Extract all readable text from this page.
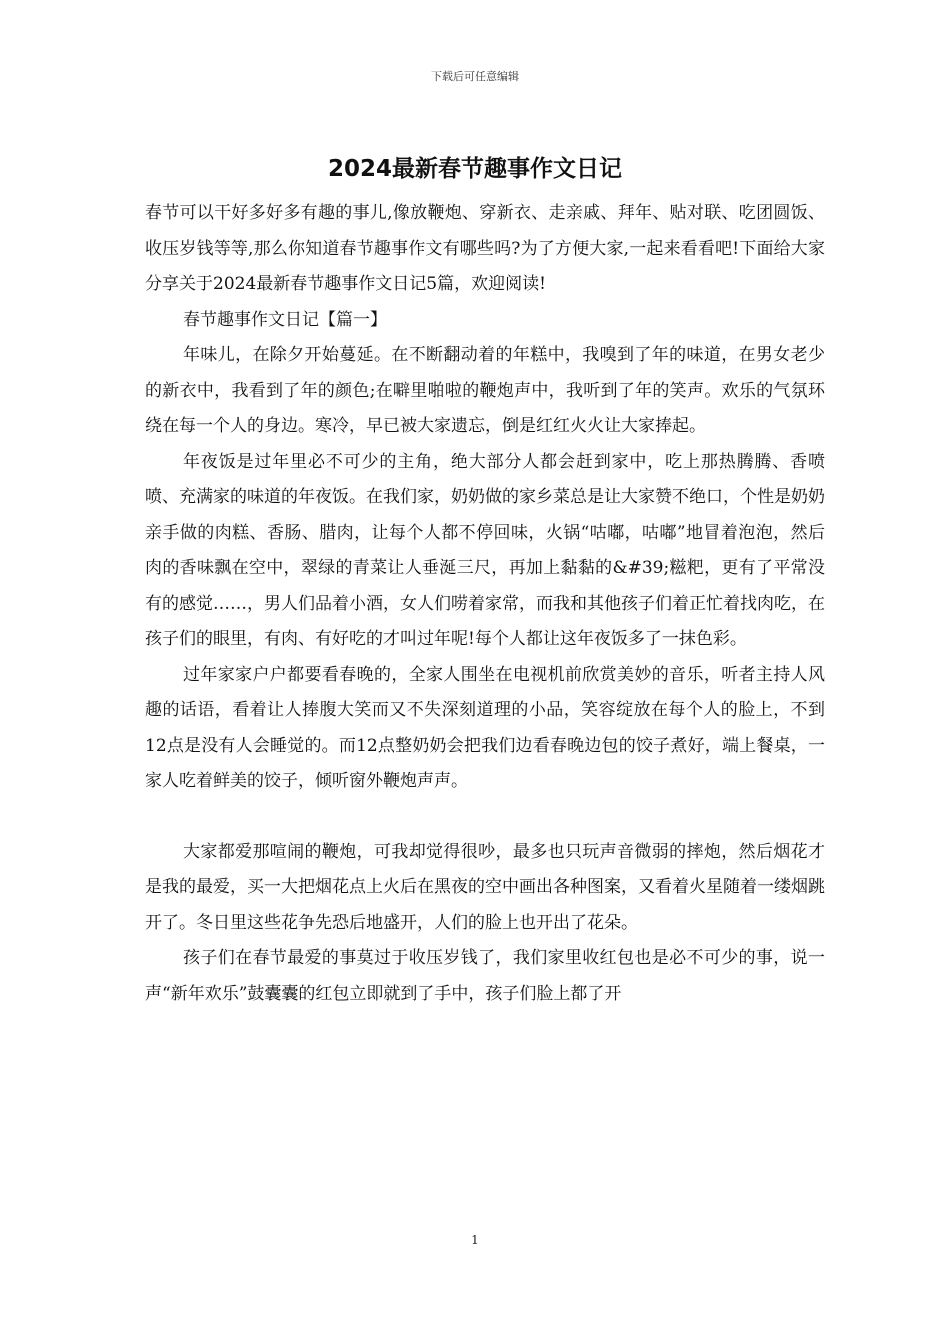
下载后可任意编辑
2024最新春节趣事作文日记

春节可以干好多好多有趣的事儿,像放鞭炮、穿新衣、走亲戚、拜年、贴对联、吃团圆饭、收压岁钱等等,那么你知道春节趣事作文有哪些吗?为了方便大家,一起来看看吧!下面给大家分享关于2024最新春节趣事作文日记5篇，欢迎阅读!

春节趣事作文日记【篇一】

年味儿，在除夕开始蔓延。在不断翻动着的年糕中，我嗅到了年的味道，在男女老少的新衣中，我看到了年的颜色;在噼里啪啦的鞭炮声中，我听到了年的笑声。欢乐的气氛环绕在每一个人的身边。寒冷，早已被大家遗忘，倒是红红火火让大家捧起。

年夜饭是过年里必不可少的主角，绝大部分人都会赶到家中，吃上那热腾腾、香喷喷、充满家的味道的年夜饭。在我们家，奶奶做的家乡菜总是让大家赞不绝口，个性是奶奶亲手做的肉糕、香肠、腊肉，让每个人都不停回味，火锅“咕嘟，咕嘟”地冒着泡泡，然后肉的香味飘在空中，翠绿的青菜让人垂涎三尺，再加上黏黏的&#39;糍粑，更有了平常没有的感觉……，男人们品着小酒，女人们唠着家常，而我和其他孩子们着正忙着找肉吃，在孩子们的眼里，有肉、有好吃的才叫过年呢!每个人都让这年夜饭多了一抹色彩。

过年家家户户都要看春晚的，全家人围坐在电视机前欣赏美妙的音乐，听者主持人风趣的话语，看着让人捧腹大笑而又不失深刻道理的小品，笑容绽放在每个人的脸上，不到12点是没有人会睡觉的。而12点整奶奶会把我们边看春晚边包的饺子煮好，端上餐桌，一家人吃着鲜美的饺子，倾听窗外鞭炮声声。

大家都爱那喧闹的鞭炮，可我却觉得很吵，最多也只玩声音微弱的摔炮，然后烟花才是我的最爱，买一大把烟花点上火后在黑夜的空中画出各种图案，又看着火星随着一缕烟跳开了。冬日里这些花争先恐后地盛开，人们的脸上也开出了花朵。

孩子们在春节最爱的事莫过于收压岁钱了，我们家里收红包也是必不可少的事，说一声“新年欢乐”鼓囊囊的红包立即就到了手中，孩子们脸上都了开

1
